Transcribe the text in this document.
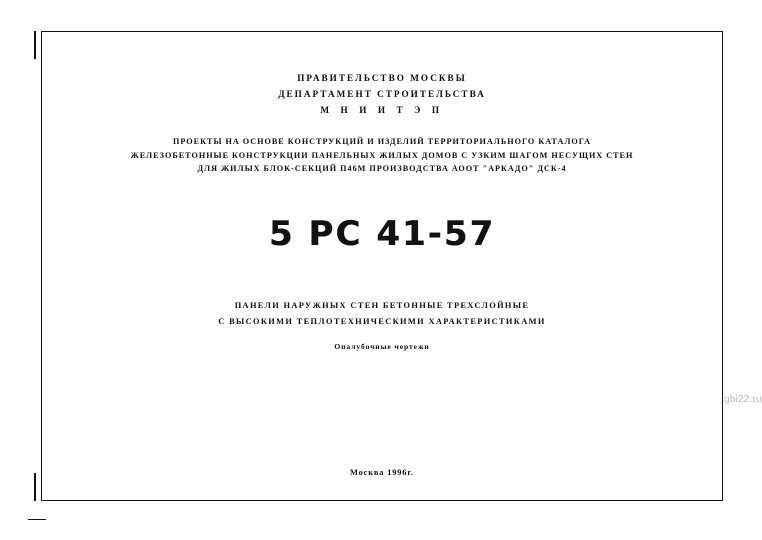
ПРАВИТЕЛЬСТВО МОСКВЫ
ДЕПАРТАМЕНТ СТРОИТЕЛЬСТВА
М Н И И Т Э П
ПРОЕКТЫ НА ОСНОВЕ КОНСТРУКЦИЙ И ИЗДЕЛИЙ ТЕРРИТОРИАЛЬНОГО КАТАЛОГА
ЖЕЛЕЗОБЕТОННЫЕ КОНСТРУКЦИИ ПАНЕЛЬНЫХ ЖИЛЫХ ДОМОВ С УЗКИМ ШАГОМ НЕСУЩИХ СТЕН
ДЛЯ ЖИЛЫХ БЛОК-СЕКЦИЙ П46М ПРОИЗВОДСТВА АООТ "АРКАДО" ДСК-4
5 РС 41-57
ПАНЕЛИ НАРУЖНЫХ СТЕН БЕТОННЫЕ ТРЕХСЛОЙНЫЕ
С ВЫСОКИМИ ТЕПЛОТЕХНИЧЕСКИМИ ХАРАКТЕРИСТИКАМИ
Опалубочные чертежи
Москва 1996г.
gbi22.ru
